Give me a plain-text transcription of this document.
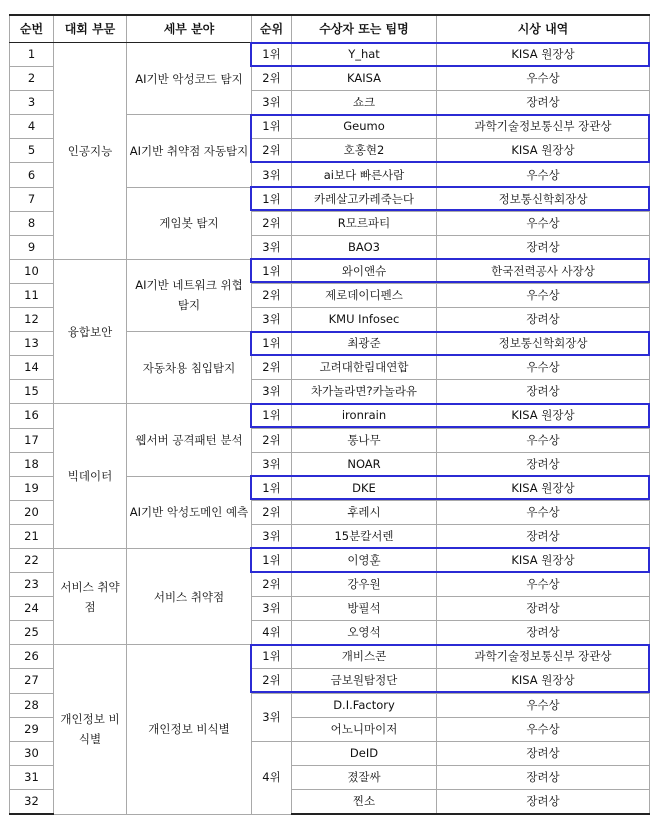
순번	대회 부문	세부 분야	순위	수상자 또는 팀명	시상 내역
1	인공지능	AI기반 악성코드 탐지	1위	Y_hat	KISA 원장상
2			2위	KAISA	우수상
3			3위	쇼크	장려상
4		AI기반 취약점 자동탐지	1위	Geumo	과학기술정보통신부 장관상
5			2위	호홍현2	KISA 원장상
6			3위	ai보다 빠른사람	우수상
7		게임봇 탐지	1위	카레살고카레죽는다	정보통신학회장상
8			2위	R모르파티	우수상
9			3위	BAO3	장려상
10	융합보안	AI기반 네트워크 위협 탐지	1위	와이앤슈	한국전력공사 사장상
11			2위	제로데이디펜스	우수상
12			3위	KMU Infosec	장려상
13		자동차용 침입탐지	1위	최광준	정보통신학회장상
14			2위	고려대한림대연합	우수상
15			3위	차가놀라면?카놀라유	장려상
16	빅데이터	웹서버 공격패턴 분석	1위	ironrain	KISA 원장상
17			2위	통나무	우수상
18			3위	NOAR	장려상
19		AI기반 악성도메인 예측	1위	DKE	KISA 원장상
20			2위	후레시	우수상
21			3위	15분칼서렌	장려상
22	서비스 취약점	서비스 취약점	1위	이영훈	KISA 원장상
23			2위	강우원	우수상
24			3위	방필석	장려상
25			4위	오영석	장려상
26	개인정보 비식별	개인정보 비식별	1위	개비스콘	과학기술정보통신부 장관상
27			2위	금보원탐정단	KISA 원장상
28			3위	D.I.Factory	우수상
29				어노니마이저	우수상
30			4위	DeID	장려상
31				졌잘싸	장려상
32				찐소	장려상
